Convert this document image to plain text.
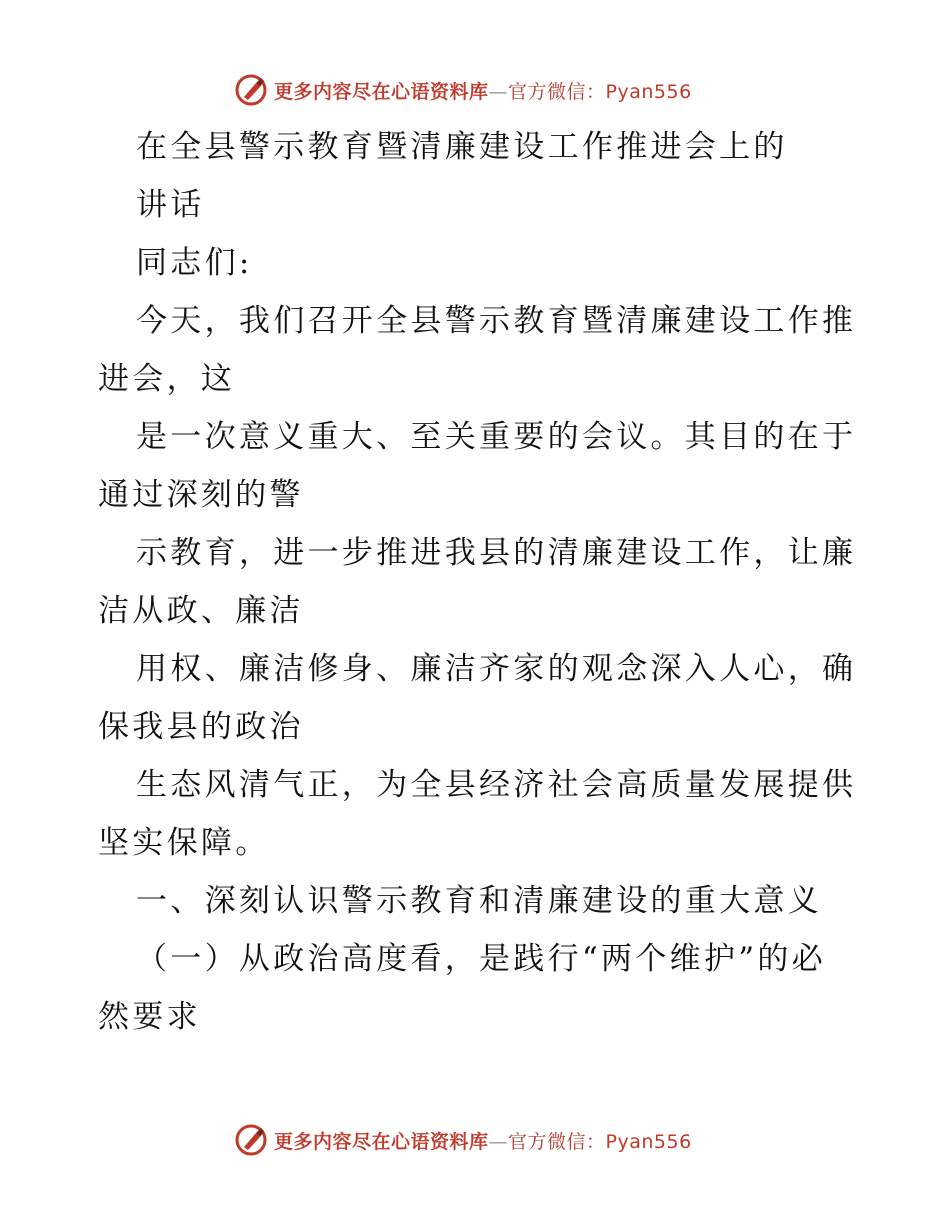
更多内容尽在心语资料库—官方微信：Pyan556
在全县警示教育暨清廉建设工作推进会上的
讲话
同志们:
今天，我们召开全县警示教育暨清廉建设工作推
进会，这
是一次意义重大、至关重要的会议。其目的在于
通过深刻的警
示教育，进一步推进我县的清廉建设工作，让廉
洁从政、廉洁
用权、廉洁修身、廉洁齐家的观念深入人心，确
保我县的政治
生态风清气正，为全县经济社会高质量发展提供
坚实保障。
一、深刻认识警示教育和清廉建设的重大意义
（一）从政治高度看，是践行“两个维护”的必
然要求
更多内容尽在心语资料库—官方微信：Pyan556
